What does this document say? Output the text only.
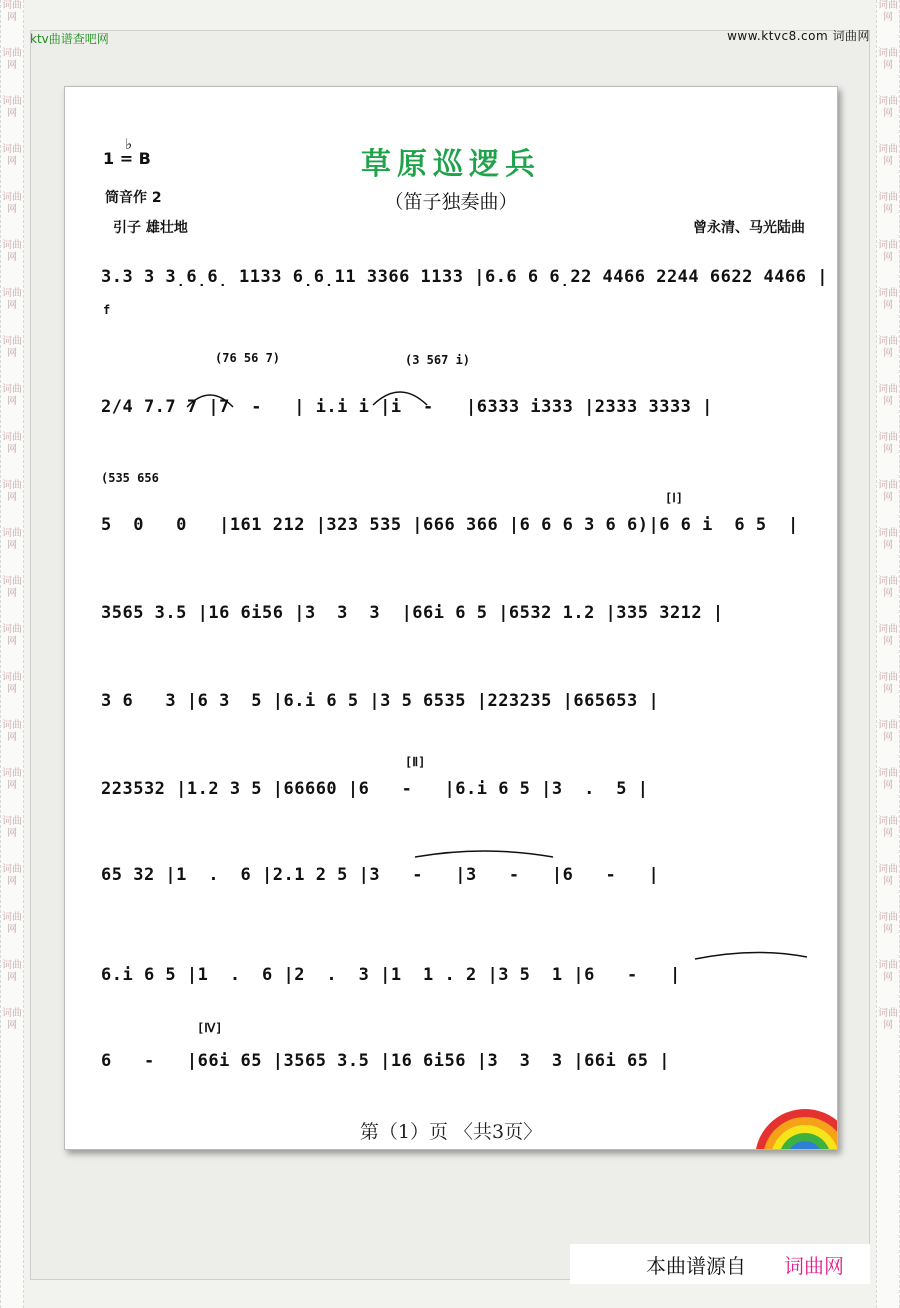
词曲网
词曲网
词曲网
词曲网
词曲网
词曲网
词曲网
词曲网
词曲网
词曲网
词曲网
词曲网
词曲网
词曲网
词曲网
词曲网
词曲网
词曲网
词曲网
词曲网
词曲网
词曲网
词曲网
词曲网
词曲网
词曲网
词曲网
词曲网
词曲网
词曲网
词曲网
词曲网
词曲网
词曲网
词曲网
词曲网
词曲网
词曲网
词曲网
词曲网
词曲网
词曲网
词曲网
词曲网
ktv曲谱查吧网	www.ktvc8.com 词曲网
1 = B
♭
草原巡逻兵
（笛子独奏曲）
筒音作 2
引子 雄壮地	曾永清、马光陆曲
3.3 3 3̣6̣6̣ 1133 6̣6̣11 3366 1133 |6.6 6 6̣22 4466 2244 6622 4466 |
f
(76 56 7)	(3 567 i)
2/4 7.7 7 |7  -   | i.i i |i  -   |6333 i333 |2333 3333 |
(535 656
[Ⅰ]
5  0   0   |161 212 |323 535 |666 366 |6 6 6 3 6 6)|6 6 i  6 5  |
3565 3.5 |16 6i56 |3  3  3  |66i 6 5 |6532 1.2 |335 3212 |
3 6   3 |6 3  5 |6.i 6 5 |3 5 6535 |223235 |665653 |
[Ⅱ]
223532 |1.2 3 5 |66660 |6   -   |6.i 6 5 |3  .  5 |
65 32 |1  .  6 |2.1 2 5 |3   -   |3   -   |6   -   |
6.i 6 5 |1  .  6 |2  .  3 |1  1 . 2 |3 5  1 |6   -   |
[Ⅳ]
6   -   |66i 65 |3565 3.5 |16 6i56 |3  3  3 |66i 65 |
第（1）页 〈共3页〉
本曲谱源自 词曲网
